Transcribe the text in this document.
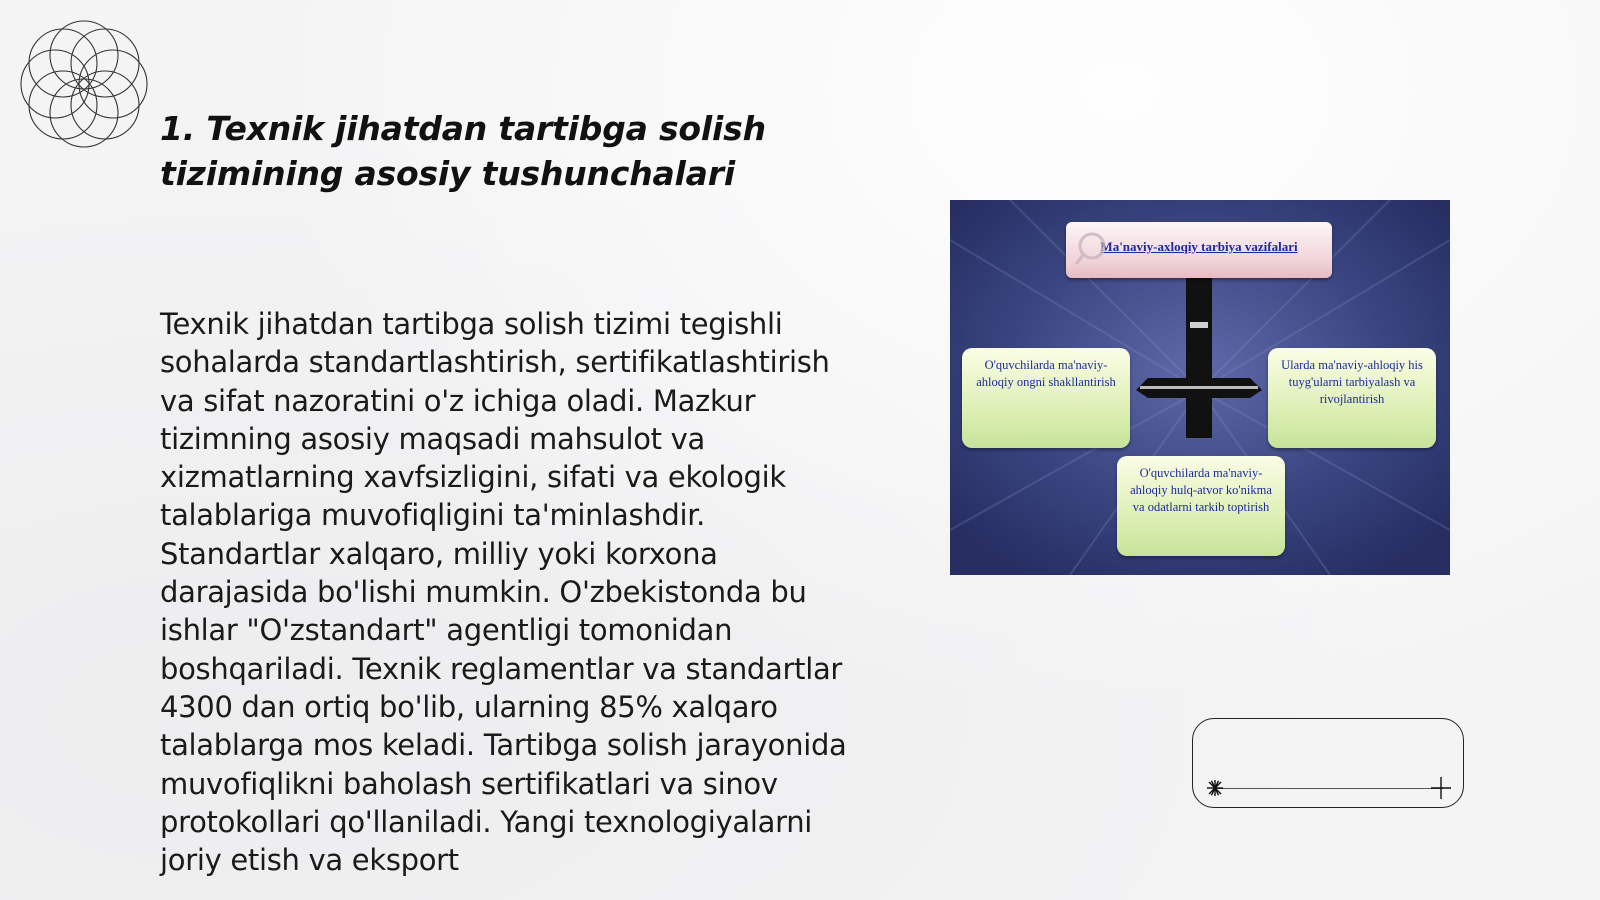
1. Texnik jihatdan tartibga solish tizimining asosiy tushunchalari

Texnik jihatdan tartibga solish tizimi tegishli sohalarda standartlashtirish, sertifikatlashtirish va sifat nazoratini o'z ichiga oladi. Mazkur tizimning asosiy maqsadi mahsulot va xizmatlarning xavfsizligini, sifati va ekologik talablariga muvofiqligini ta'minlashdir. Standartlar xalqaro, milliy yoki korxona darajasida bo'lishi mumkin. O'zbekistonda bu ishlar "O'zstandart" agentligi tomonidan boshqariladi. Texnik reglamentlar va standartlar 4300 dan ortiq bo'lib, ularning 85% xalqaro talablarga mos keladi. Tartibga solish jarayonida muvofiqlikni baholash sertifikatlari va sinov protokollari qo'llaniladi. Yangi texnologiyalarni joriy etish va eksport

Ma'naviy-axloqiy tarbiya vazifalari
O'quvchilarda ma'naviy-ahloqiy ongni shakllantirish
Ularda ma'naviy-ahloqiy his tuyg'ularni tarbiyalash va rivojlantirish
O'quvchilarda ma'naviy-ahloqiy hulq-atvor ko'nikma va odatlarni tarkib toptirish
